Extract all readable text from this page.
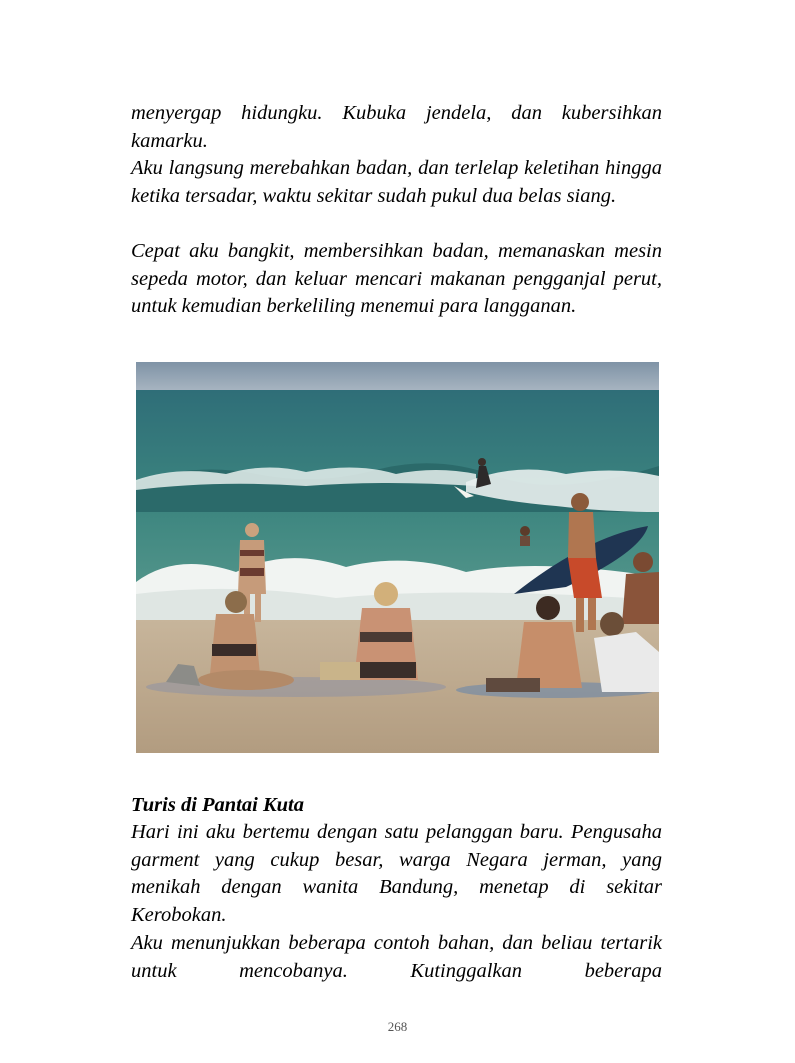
menyergap hidungku. Kubuka jendela, dan kubersihkan kamarku.

Aku langsung merebahkan badan, dan terlelap keletihan hingga ketika tersadar, waktu sekitar sudah pukul dua belas siang.

Cepat aku bangkit, membersihkan badan, memanaskan mesin sepeda motor, dan keluar mencari makanan pengganjal perut, untuk kemudian berkeliling menemui para langganan.

Turis di Pantai Kuta

Hari ini aku bertemu dengan satu pelanggan baru. Pengusaha garment yang cukup besar, warga Negara jerman, yang menikah dengan wanita Bandung, menetap di sekitar Kerobokan.

Aku menunjukkan beberapa contoh bahan, dan beliau tertarik untuk mencobanya. Kutinggalkan beberapa

268
